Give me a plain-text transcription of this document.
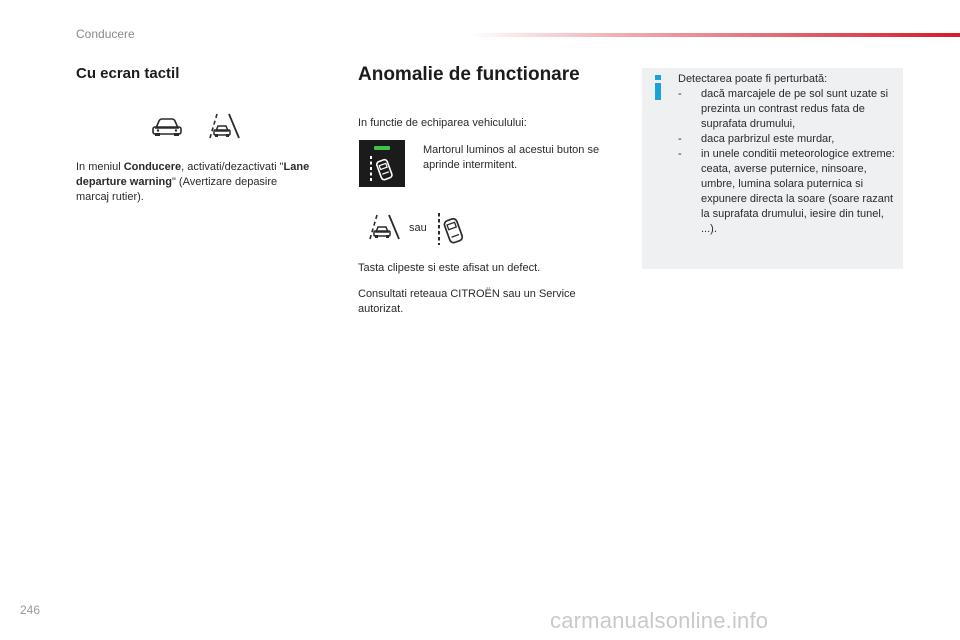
Conducere
Cu ecran tactil
In meniul Conducere, activati/dezactivati "Lane departure warning" (Avertizare depasire marcaj rutier).
Anomalie de functionare
In functie de echiparea vehiculului:
Martorul luminos al acestui buton se aprinde intermitent.
sau
Tasta clipeste si este afisat un defect.
Consultati reteaua CITROËN sau un Service autorizat.
Detectarea poate fi perturbată:
- dacă marcajele de pe sol sunt uzate si prezinta un contrast redus fata de suprafata drumului,
- daca parbrizul este murdar,
- in unele conditii meteorologice extreme: ceata, averse puternice, ninsoare, umbre, lumina solara puternica si expunere directa la soare (soare razant la suprafata drumului, iesire din tunel, ...).
246	carmanualsonline.info
